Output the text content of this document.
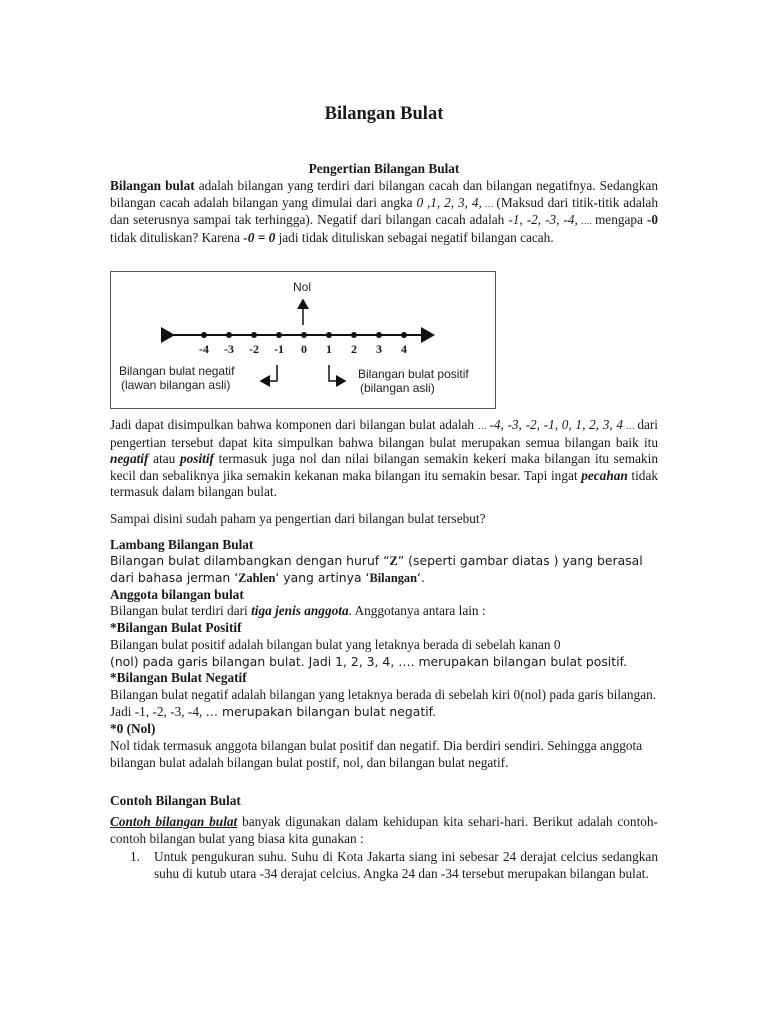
Bilangan Bulat
Pengertian Bilangan Bulat
Bilangan bulat adalah bilangan yang terdiri dari bilangan cacah dan bilangan negatifnya. Sedangkan bilangan cacah adalah bilangan yang dimulai dari angka 0 ,1, 2, 3, 4, … (Maksud dari titik-titik adalah dan seterusnya sampai tak terhingga). Negatif dari bilangan cacah adalah -1, -2, -3, -4, …. mengapa -0 tidak dituliskan? Karena -0 = 0 jadi tidak dituliskan sebagai negatif bilangan cacah.
Nol
-4	-3	-2	-1	0	1	2	3	4
Bilangan bulat negatif
(lawan bilangan asli)
Bilangan bulat positif
(bilangan asli)
Jadi dapat disimpulkan bahwa komponen dari bilangan bulat adalah … -4, -3, -2, -1, 0, 1, 2, 3, 4 … dari pengertian tersebut dapat kita simpulkan bahwa bilangan bulat merupakan semua bilangan baik itu negatif atau positif termasuk juga nol dan nilai bilangan semakin kekeri maka bilangan itu semakin kecil dan sebaliknya jika semakin kekanan maka bilangan itu semakin besar. Tapi ingat pecahan tidak termasuk dalam bilangan bulat.
Sampai disini sudah paham ya pengertian dari bilangan bulat tersebut?
Lambang Bilangan Bulat
Bilangan bulat dilambangkan dengan huruf “Z” (seperti gambar diatas ) yang berasal dari bahasa jerman ‘Zahlen‘ yang artinya ‘Bilangan‘.
Anggota bilangan bulat
Bilangan bulat terdiri dari tiga jenis anggota. Anggotanya antara lain :
*Bilangan Bulat Positif
Bilangan bulat positif adalah bilangan bulat yang letaknya berada di sebelah kanan 0
(nol) pada garis bilangan bulat. Jadi 1, 2, 3, 4, …. merupakan bilangan bulat positif.
*Bilangan Bulat Negatif
Bilangan bulat negatif adalah bilangan yang letaknya berada di sebelah kiri 0(nol) pada garis bilangan. Jadi -1, -2, -3, -4, … merupakan bilangan bulat negatif.
*0 (Nol)
Nol tidak termasuk anggota bilangan bulat positif dan negatif. Dia berdiri sendiri. Sehingga anggota bilangan bulat adalah bilangan bulat postif, nol, dan bilangan bulat negatif.
Contoh Bilangan Bulat
Contoh bilangan bulat banyak digunakan dalam kehidupan kita sehari-hari. Berikut adalah contoh-contoh bilangan bulat yang biasa kita gunakan :
1. Untuk pengukuran suhu. Suhu di Kota Jakarta siang ini sebesar 24 derajat celcius sedangkan suhu di kutub utara -34 derajat celcius. Angka 24 dan -34 tersebut merupakan bilangan bulat.
